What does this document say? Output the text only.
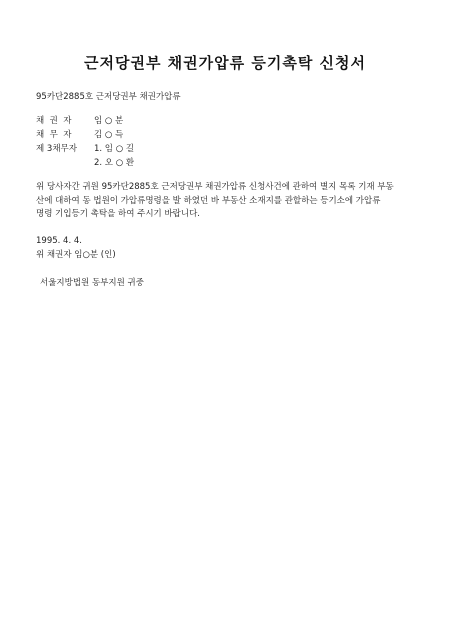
근저당권부 채권가압류 등기촉탁 신청서
95카단2885호 근저당권부 채권가압류
채  권  자	임 ○ 분
채  무  자	김 ○ 득
제 3채무자 1. 임 ○ 길
2. 오 ○ 환
위 당사자간 귀원 95카단2885호 근저당권부 채권가압류 신청사건에 관하여 별지 목록 기재 부동
산에 대하여 동 법원이 가압류명령을 발 하였던 바 부동산 소재지를 관할하는 등기소에 가압류
명령 기입등기 촉탁을 하여 주시기 바랍니다.
1995. 4. 4.
위 채권자 임○분 (인)
서울지방법원 동부지원 귀중
